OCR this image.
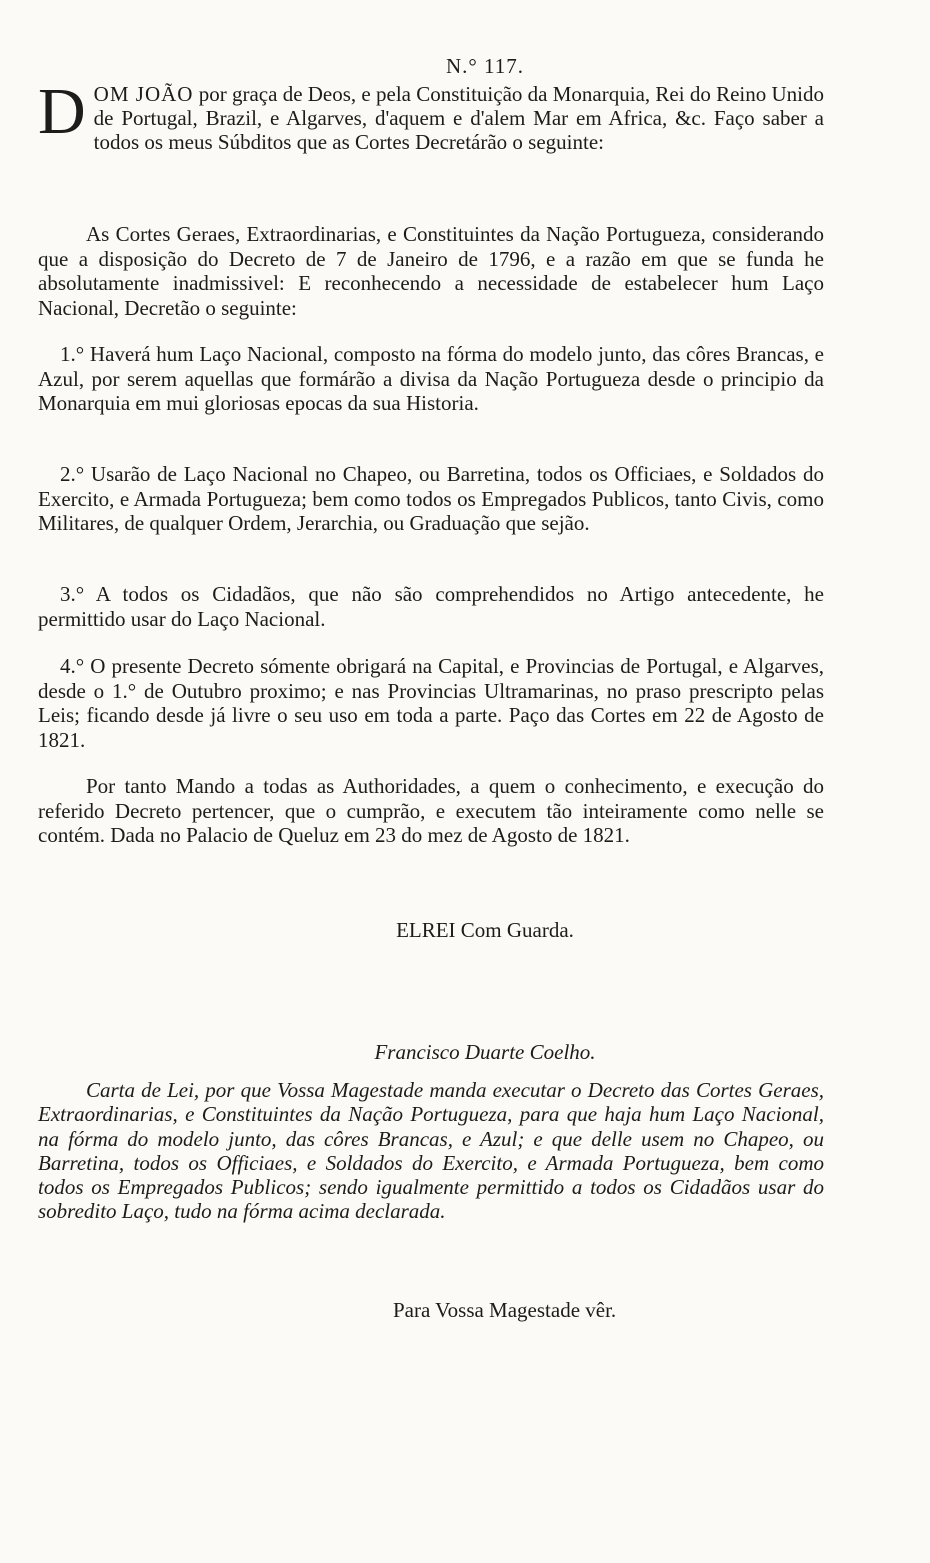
N.° 117.
D OM JOÃO por graça de Deos, e pela Constituição da Monarquia, Rei do Reino Unido de Portugal, Brazil, e Algarves, d'aquem e d'alem Mar em Africa, &c. Faço saber a todos os meus Súbditos que as Cortes Decretárão o seguinte:
As Cortes Geraes, Extraordinarias, e Constituintes da Nação Portugueza, considerando que a disposição do Decreto de 7 de Janeiro de 1796, e a razão em que se funda he absolutamente inadmissivel: E reconhecendo a necessidade de estabelecer hum Laço Nacional, Decretão o seguinte:
1.° Haverá hum Laço Nacional, composto na fórma do modelo junto, das côres Brancas, e Azul, por serem aquellas que formárão a divisa da Nação Portugueza desde o principio da Monarquia em mui gloriosas epocas da sua Historia.
2.° Usarão de Laço Nacional no Chapeo, ou Barretina, todos os Officiaes, e Soldados do Exercito, e Armada Portugueza; bem como todos os Empregados Publicos, tanto Civis, como Militares, de qualquer Ordem, Jerarchia, ou Graduação que sejão.
3.° A todos os Cidadãos, que não são comprehendidos no Artigo antecedente, he permittido usar do Laço Nacional.
4.° O presente Decreto sómente obrigará na Capital, e Provincias de Portugal, e Algarves, desde o 1.° de Outubro proximo; e nas Provincias Ultramarinas, no praso prescripto pelas Leis; ficando desde já livre o seu uso em toda a parte. Paço das Cortes em 22 de Agosto de 1821.
Por tanto Mando a todas as Authoridades, a quem o conhecimento, e execução do referido Decreto pertencer, que o cumprão, e executem tão inteiramente como nelle se contém. Dada no Palacio de Queluz em 23 do mez de Agosto de 1821.
ELREI Com Guarda.
Francisco Duarte Coelho.
Carta de Lei, por que Vossa Magestade manda executar o Decreto das Cortes Geraes, Extraordinarias, e Constituintes da Nação Portugueza, para que haja hum Laço Nacional, na fórma do modelo junto, das côres Brancas, e Azul; e que delle usem no Chapeo, ou Barretina, todos os Officiaes, e Soldados do Exercito, e Armada Portugueza, bem como todos os Empregados Publicos; sendo igualmente permittido a todos os Cidadãos usar do sobredito Laço, tudo na fórma acima declarada.
Para Vossa Magestade vêr.
